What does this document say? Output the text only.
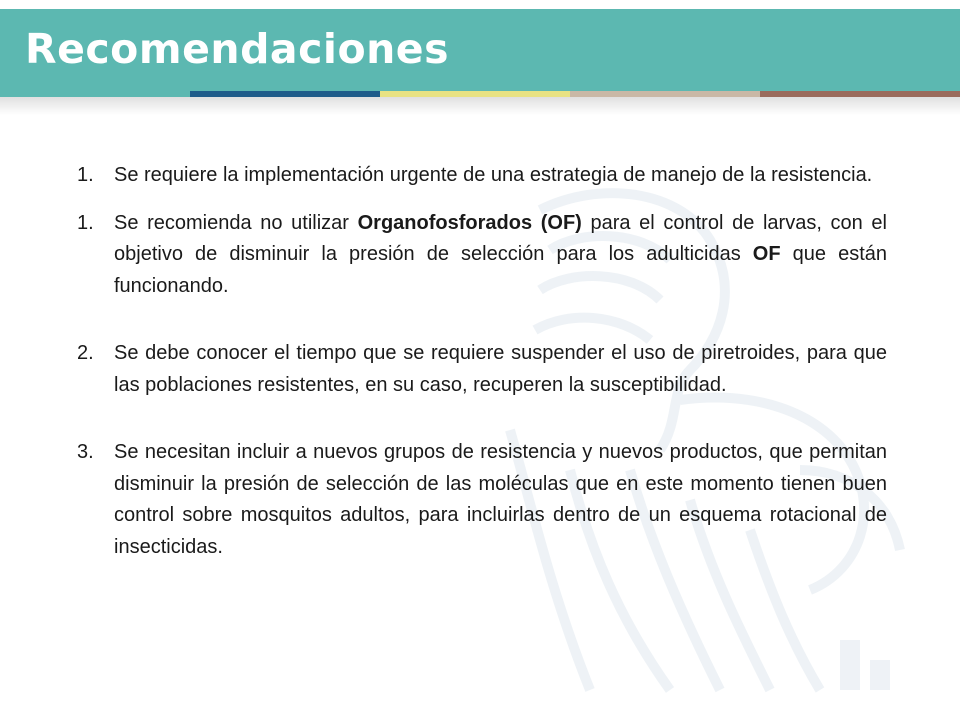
Recomendaciones
1. Se requiere la implementación urgente de una estrategia de manejo de la resistencia.
1. Se recomienda no utilizar Organofosforados (OF) para el control de larvas, con el objetivo de disminuir la presión de selección para los adulticidas OF que están funcionando.
2. Se debe conocer el tiempo que se requiere suspender el uso de piretroides, para que las poblaciones resistentes, en su caso, recuperen la susceptibilidad.
3. Se necesitan incluir a nuevos grupos de resistencia y nuevos productos, que permitan disminuir la presión de selección de las moléculas que en este momento tienen buen control sobre mosquitos adultos, para incluirlas dentro de un esquema rotacional de insecticidas.
